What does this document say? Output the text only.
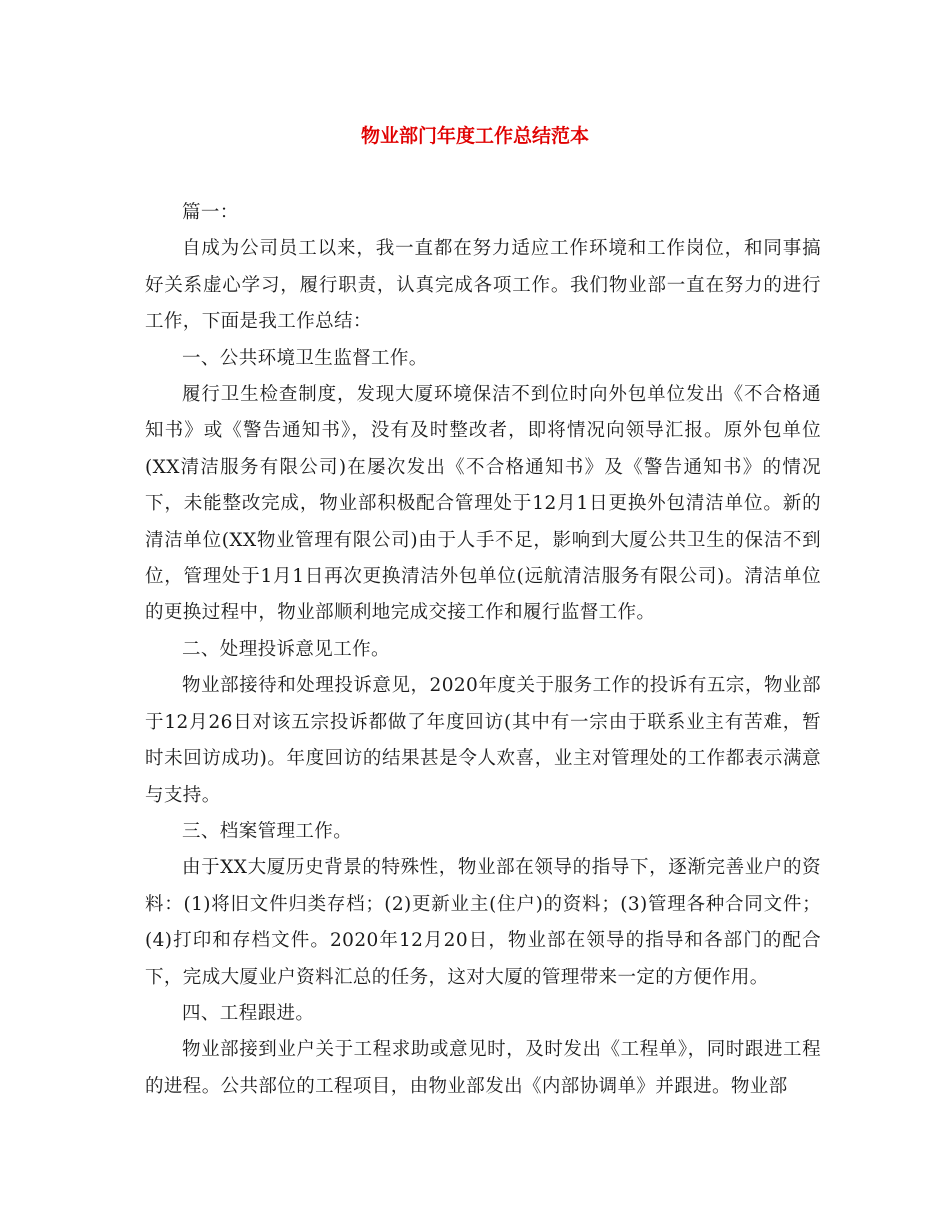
物业部门年度工作总结范本

篇一：

自成为公司员工以来，我一直都在努力适应工作环境和工作岗位，和同事搞好关系虚心学习，履行职责，认真完成各项工作。我们物业部一直在努力的进行工作，下面是我工作总结：

一、公共环境卫生监督工作。

履行卫生检查制度，发现大厦环境保洁不到位时向外包单位发出《不合格通知书》或《警告通知书》，没有及时整改者，即将情况向领导汇报。原外包单位(XX清洁服务有限公司)在屡次发出《不合格通知书》及《警告通知书》的情况下，未能整改完成，物业部积极配合管理处于12月1日更换外包清洁单位。新的清洁单位(XX物业管理有限公司)由于人手不足，影响到大厦公共卫生的保洁不到位，管理处于1月1日再次更换清洁外包单位(远航清洁服务有限公司)。清洁单位的更换过程中，物业部顺利地完成交接工作和履行监督工作。

二、处理投诉意见工作。

物业部接待和处理投诉意见，2020年度关于服务工作的投诉有五宗，物业部于12月26日对该五宗投诉都做了年度回访(其中有一宗由于联系业主有苦难，暂时未回访成功)。年度回访的结果甚是令人欢喜，业主对管理处的工作都表示满意与支持。

三、档案管理工作。

由于XX大厦历史背景的特殊性，物业部在领导的指导下，逐渐完善业户的资料：(1)将旧文件归类存档；(2)更新业主(住户)的资料；(3)管理各种合同文件；(4)打印和存档文件。2020年12月20日，物业部在领导的指导和各部门的配合下，完成大厦业户资料汇总的任务，这对大厦的管理带来一定的方便作用。

四、工程跟进。

物业部接到业户关于工程求助或意见时，及时发出《工程单》，同时跟进工程的进程。公共部位的工程项目，由物业部发出《内部协调单》并跟进。物业部
